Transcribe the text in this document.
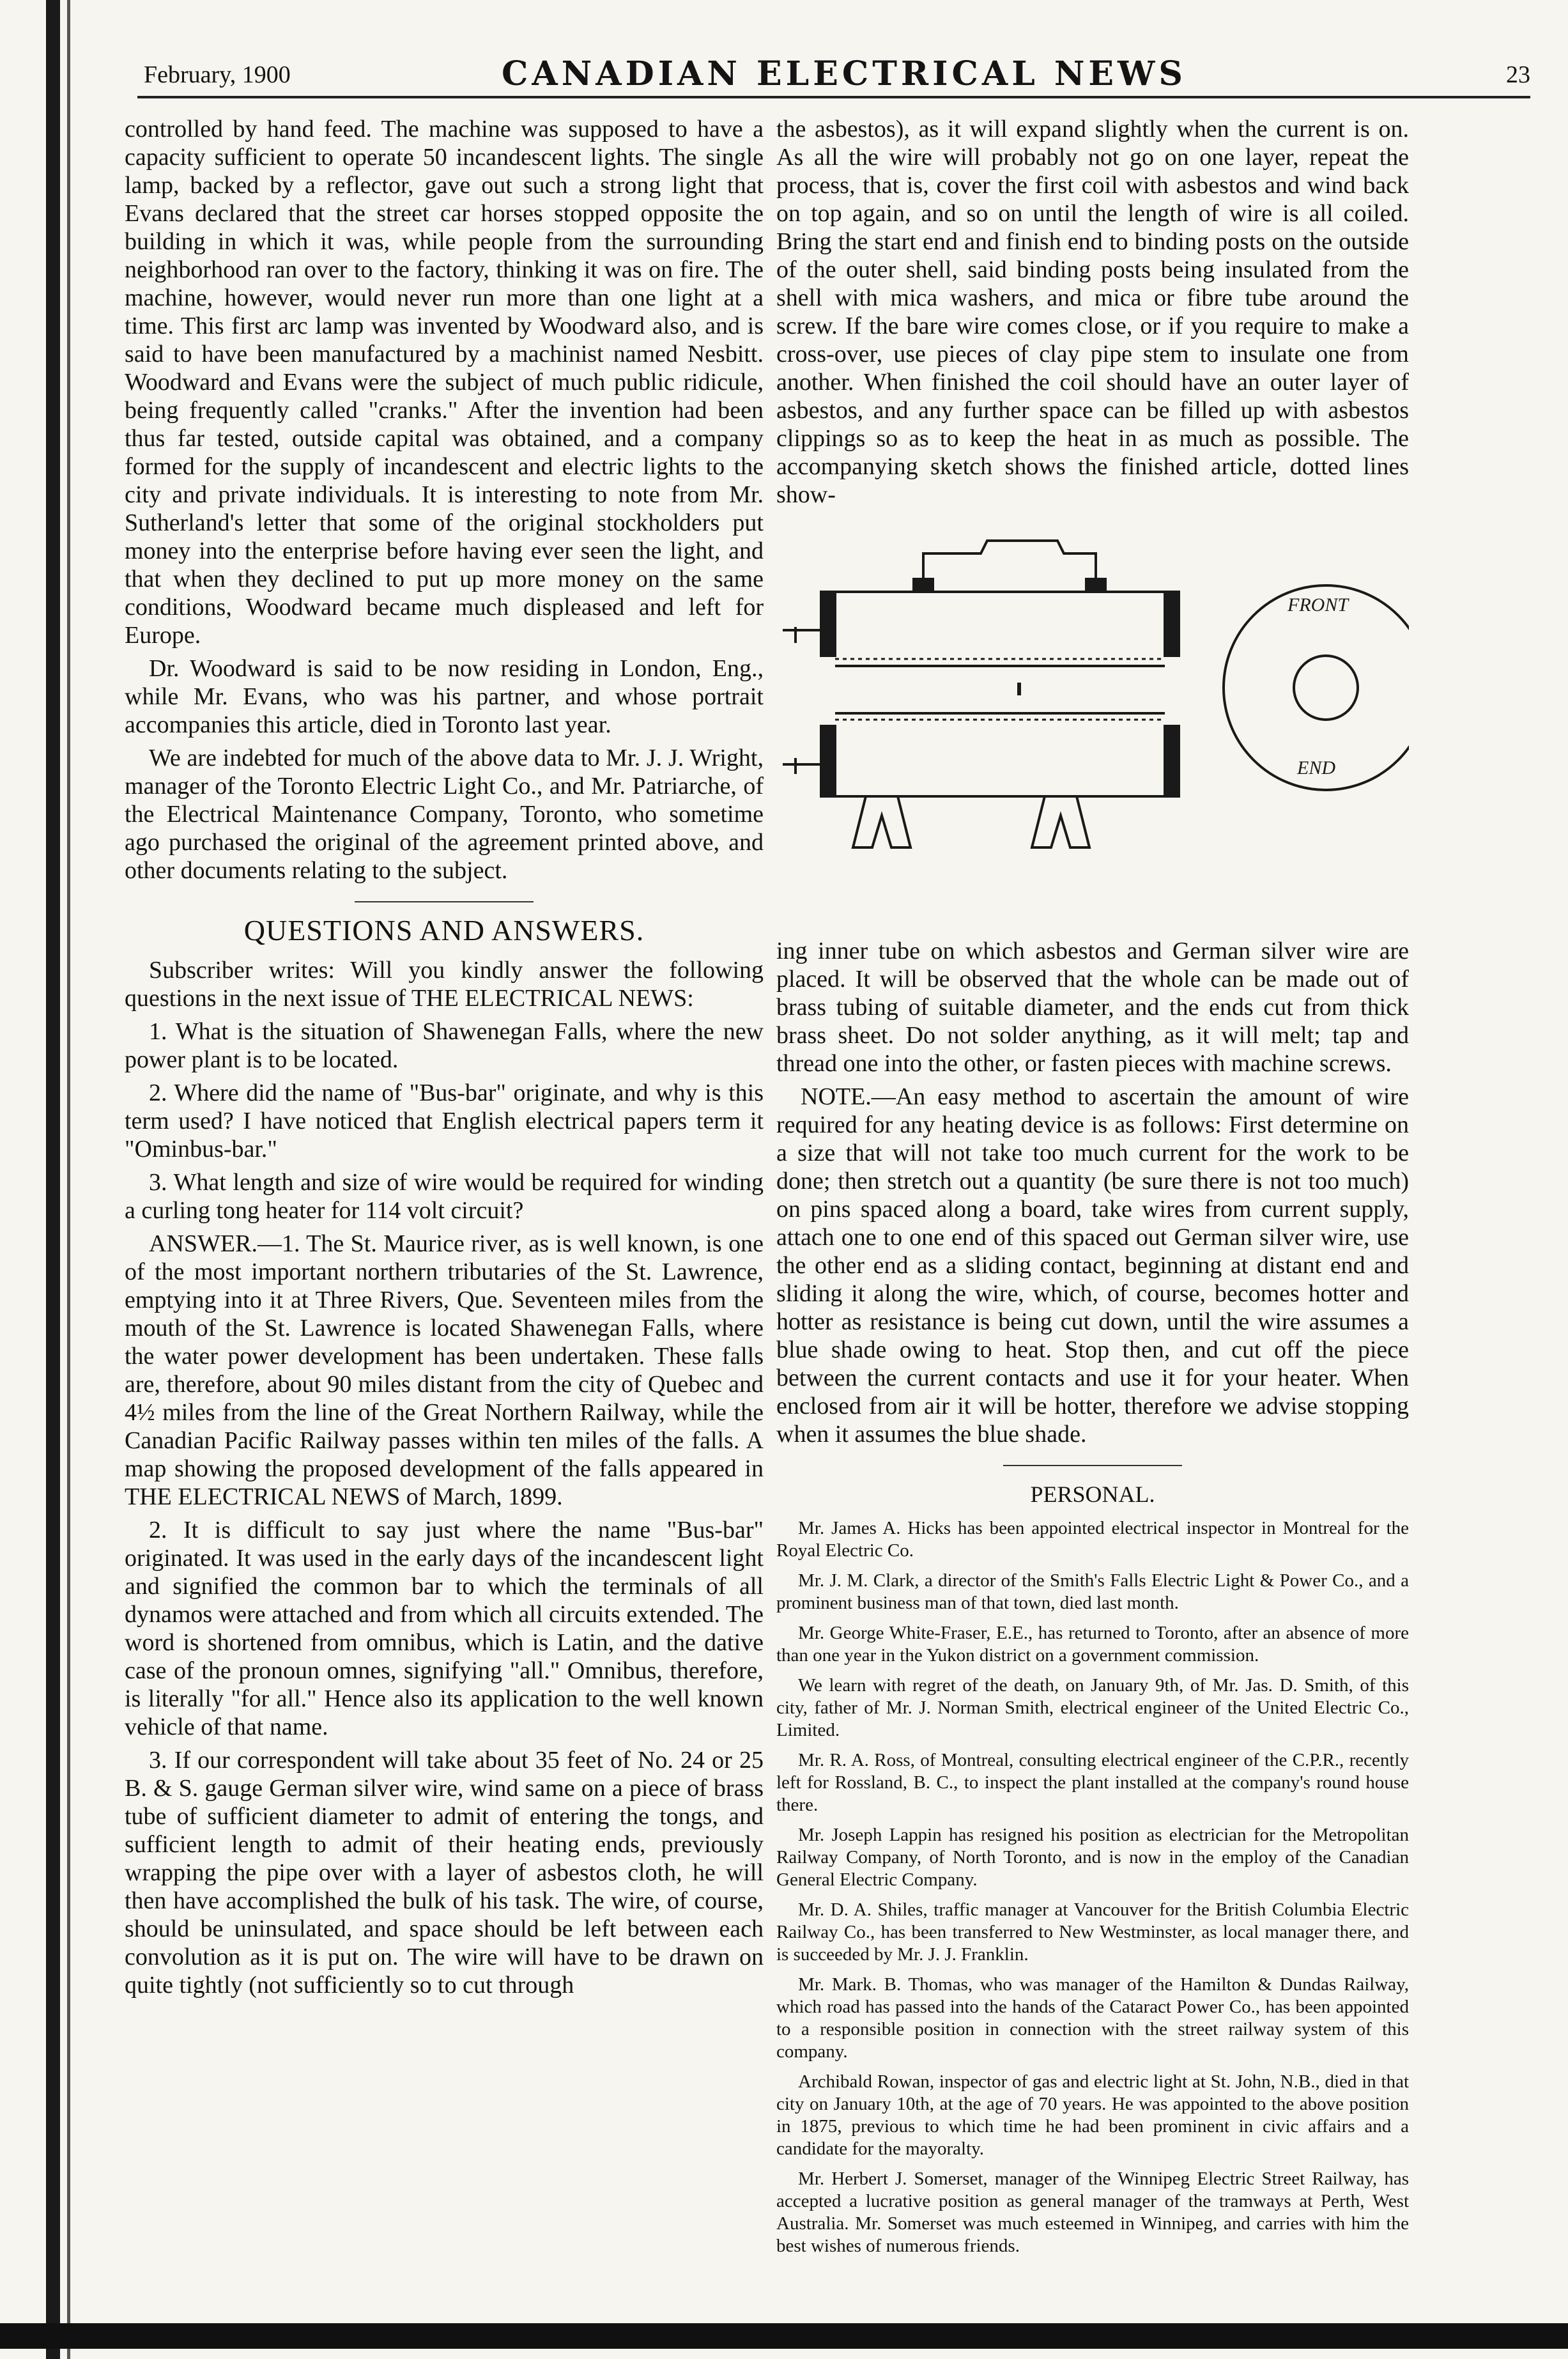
February, 1900	CANADIAN ELECTRICAL NEWS	23

controlled by hand feed. The machine was supposed to have a capacity sufficient to operate 50 incandescent lights. The single lamp, backed by a reflector, gave out such a strong light that Evans declared that the street car horses stopped opposite the building in which it was, while people from the surrounding neighborhood ran over to the factory, thinking it was on fire. The machine, however, would never run more than one light at a time. This first arc lamp was invented by Woodward also, and is said to have been manufactured by a machinist named Nesbitt. Woodward and Evans were the subject of much public ridicule, being frequently called "cranks." After the invention had been thus far tested, outside capital was obtained, and a company formed for the supply of incandescent and electric lights to the city and private individuals. It is interesting to note from Mr. Sutherland's letter that some of the original stockholders put money into the enterprise before having ever seen the light, and that when they declined to put up more money on the same conditions, Woodward became much displeased and left for Europe.

Dr. Woodward is said to be now residing in London, Eng., while Mr. Evans, who was his partner, and whose portrait accompanies this article, died in Toronto last year.

We are indebted for much of the above data to Mr. J. J. Wright, manager of the Toronto Electric Light Co., and Mr. Patriarche, of the Electrical Maintenance Company, Toronto, who sometime ago purchased the original of the agreement printed above, and other documents relating to the subject.

QUESTIONS AND ANSWERS.

Subscriber writes: Will you kindly answer the following questions in the next issue of THE ELECTRICAL NEWS:

1. What is the situation of Shawenegan Falls, where the new power plant is to be located.

2. Where did the name of "Bus-bar" originate, and why is this term used? I have noticed that English electrical papers term it "Ominbus-bar."

3. What length and size of wire would be required for winding a curling tong heater for 114 volt circuit?

ANSWER.—1. The St. Maurice river, as is well known, is one of the most important northern tributaries of the St. Lawrence, emptying into it at Three Rivers, Que. Seventeen miles from the mouth of the St. Lawrence is located Shawenegan Falls, where the water power development has been undertaken. These falls are, therefore, about 90 miles distant from the city of Quebec and 4½ miles from the line of the Great Northern Railway, while the Canadian Pacific Railway passes within ten miles of the falls. A map showing the proposed development of the falls appeared in THE ELECTRICAL NEWS of March, 1899.

2. It is difficult to say just where the name "Bus-bar" originated. It was used in the early days of the incandescent light and signified the common bar to which the terminals of all dynamos were attached and from which all circuits extended. The word is shortened from omnibus, which is Latin, and the dative case of the pronoun omnes, signifying "all." Omnibus, therefore, is literally "for all." Hence also its application to the well known vehicle of that name.

3. If our correspondent will take about 35 feet of No. 24 or 25 B. & S. gauge German silver wire, wind same on a piece of brass tube of sufficient diameter to admit of entering the tongs, and sufficient length to admit of their heating ends, previously wrapping the pipe over with a layer of asbestos cloth, he will then have accomplished the bulk of his task. The wire, of course, should be uninsulated, and space should be left between each convolution as it is put on. The wire will have to be drawn on quite tightly (not sufficiently so to cut through

the asbestos), as it will expand slightly when the current is on. As all the wire will probably not go on one layer, repeat the process, that is, cover the first coil with asbestos and wind back on top again, and so on until the length of wire is all coiled. Bring the start end and finish end to binding posts on the outside of the outer shell, said binding posts being insulated from the shell with mica washers, and mica or fibre tube around the screw. If the bare wire comes close, or if you require to make a cross-over, use pieces of clay pipe stem to insulate one from another. When finished the coil should have an outer layer of asbestos, and any further space can be filled up with asbestos clippings so as to keep the heat in as much as possible. The accompanying sketch shows the finished article, dotted lines show-

FRONT
END

ing inner tube on which asbestos and German silver wire are placed. It will be observed that the whole can be made out of brass tubing of suitable diameter, and the ends cut from thick brass sheet. Do not solder anything, as it will melt; tap and thread one into the other, or fasten pieces with machine screws.

NOTE.—An easy method to ascertain the amount of wire required for any heating device is as follows: First determine on a size that will not take too much current for the work to be done; then stretch out a quantity (be sure there is not too much) on pins spaced along a board, take wires from current supply, attach one to one end of this spaced out German silver wire, use the other end as a sliding contact, beginning at distant end and sliding it along the wire, which, of course, becomes hotter and hotter as resistance is being cut down, until the wire assumes a blue shade owing to heat. Stop then, and cut off the piece between the current contacts and use it for your heater. When enclosed from air it will be hotter, therefore we advise stopping when it assumes the blue shade.

PERSONAL.

Mr. James A. Hicks has been appointed electrical inspector in Montreal for the Royal Electric Co.

Mr. J. M. Clark, a director of the Smith's Falls Electric Light & Power Co., and a prominent business man of that town, died last month.

Mr. George White-Fraser, E.E., has returned to Toronto, after an absence of more than one year in the Yukon district on a government commission.

We learn with regret of the death, on January 9th, of Mr. Jas. D. Smith, of this city, father of Mr. J. Norman Smith, electrical engineer of the United Electric Co., Limited.

Mr. R. A. Ross, of Montreal, consulting electrical engineer of the C.P.R., recently left for Rossland, B. C., to inspect the plant installed at the company's round house there.

Mr. Joseph Lappin has resigned his position as electrician for the Metropolitan Railway Company, of North Toronto, and is now in the employ of the Canadian General Electric Company.

Mr. D. A. Shiles, traffic manager at Vancouver for the British Columbia Electric Railway Co., has been transferred to New Westminster, as local manager there, and is succeeded by Mr. J. J. Franklin.

Mr. Mark. B. Thomas, who was manager of the Hamilton & Dundas Railway, which road has passed into the hands of the Cataract Power Co., has been appointed to a responsible position in connection with the street railway system of this company.

Archibald Rowan, inspector of gas and electric light at St. John, N.B., died in that city on January 10th, at the age of 70 years. He was appointed to the above position in 1875, previous to which time he had been prominent in civic affairs and a candidate for the mayoralty.

Mr. Herbert J. Somerset, manager of the Winnipeg Electric Street Railway, has accepted a lucrative position as general manager of the tramways at Perth, West Australia. Mr. Somerset was much esteemed in Winnipeg, and carries with him the best wishes of numerous friends.
